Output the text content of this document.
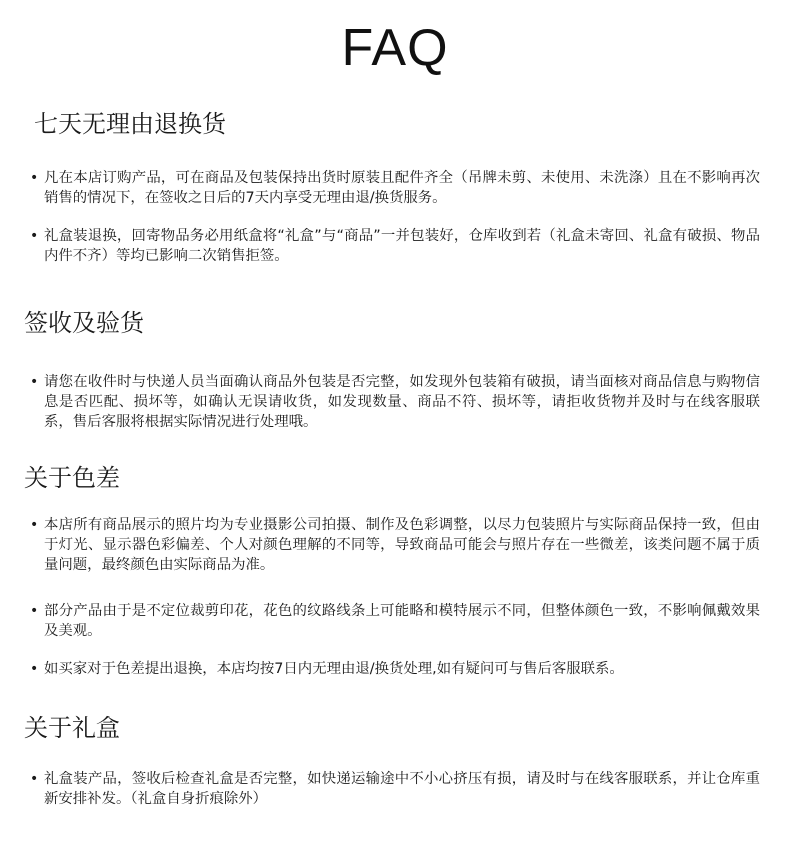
FAQ
七天无理由退换货
• 凡在本店订购产品，可在商品及包装保持出货时原装且配件齐全（吊牌未剪、未使用、未洗涤）且在不影响再次销售的情况下，在签收之日后的7天内享受无理由退/换货服务。
• 礼盒装退换，回寄物品务必用纸盒将“礼盒”与“商品”一并包装好，仓库收到若（礼盒未寄回、礼盒有破损、物品内件不齐）等均已影响二次销售拒签。
签收及验货
• 请您在收件时与快递人员当面确认商品外包装是否完整，如发现外包装箱有破损，请当面核对商品信息与购物信息是否匹配、损坏等，如确认无误请收货，如发现数量、商品不符、损坏等，请拒收货物并及时与在线客服联系，售后客服将根据实际情况进行处理哦。
关于色差
• 本店所有商品展示的照片均为专业摄影公司拍摄、制作及色彩调整，以尽力包装照片与实际商品保持一致，但由于灯光、显示器色彩偏差、个人对颜色理解的不同等，导致商品可能会与照片存在一些微差，该类问题不属于质量问题，最终颜色由实际商品为准。
• 部分产品由于是不定位裁剪印花，花色的纹路线条上可能略和模特展示不同，但整体颜色一致，不影响佩戴效果及美观。
• 如买家对于色差提出退换，本店均按7日内无理由退/换货处理,如有疑问可与售后客服联系。
关于礼盒
• 礼盒装产品，签收后检查礼盒是否完整，如快递运输途中不小心挤压有损，请及时与在线客服联系，并让仓库重新安排补发。（礼盒自身折痕除外）
